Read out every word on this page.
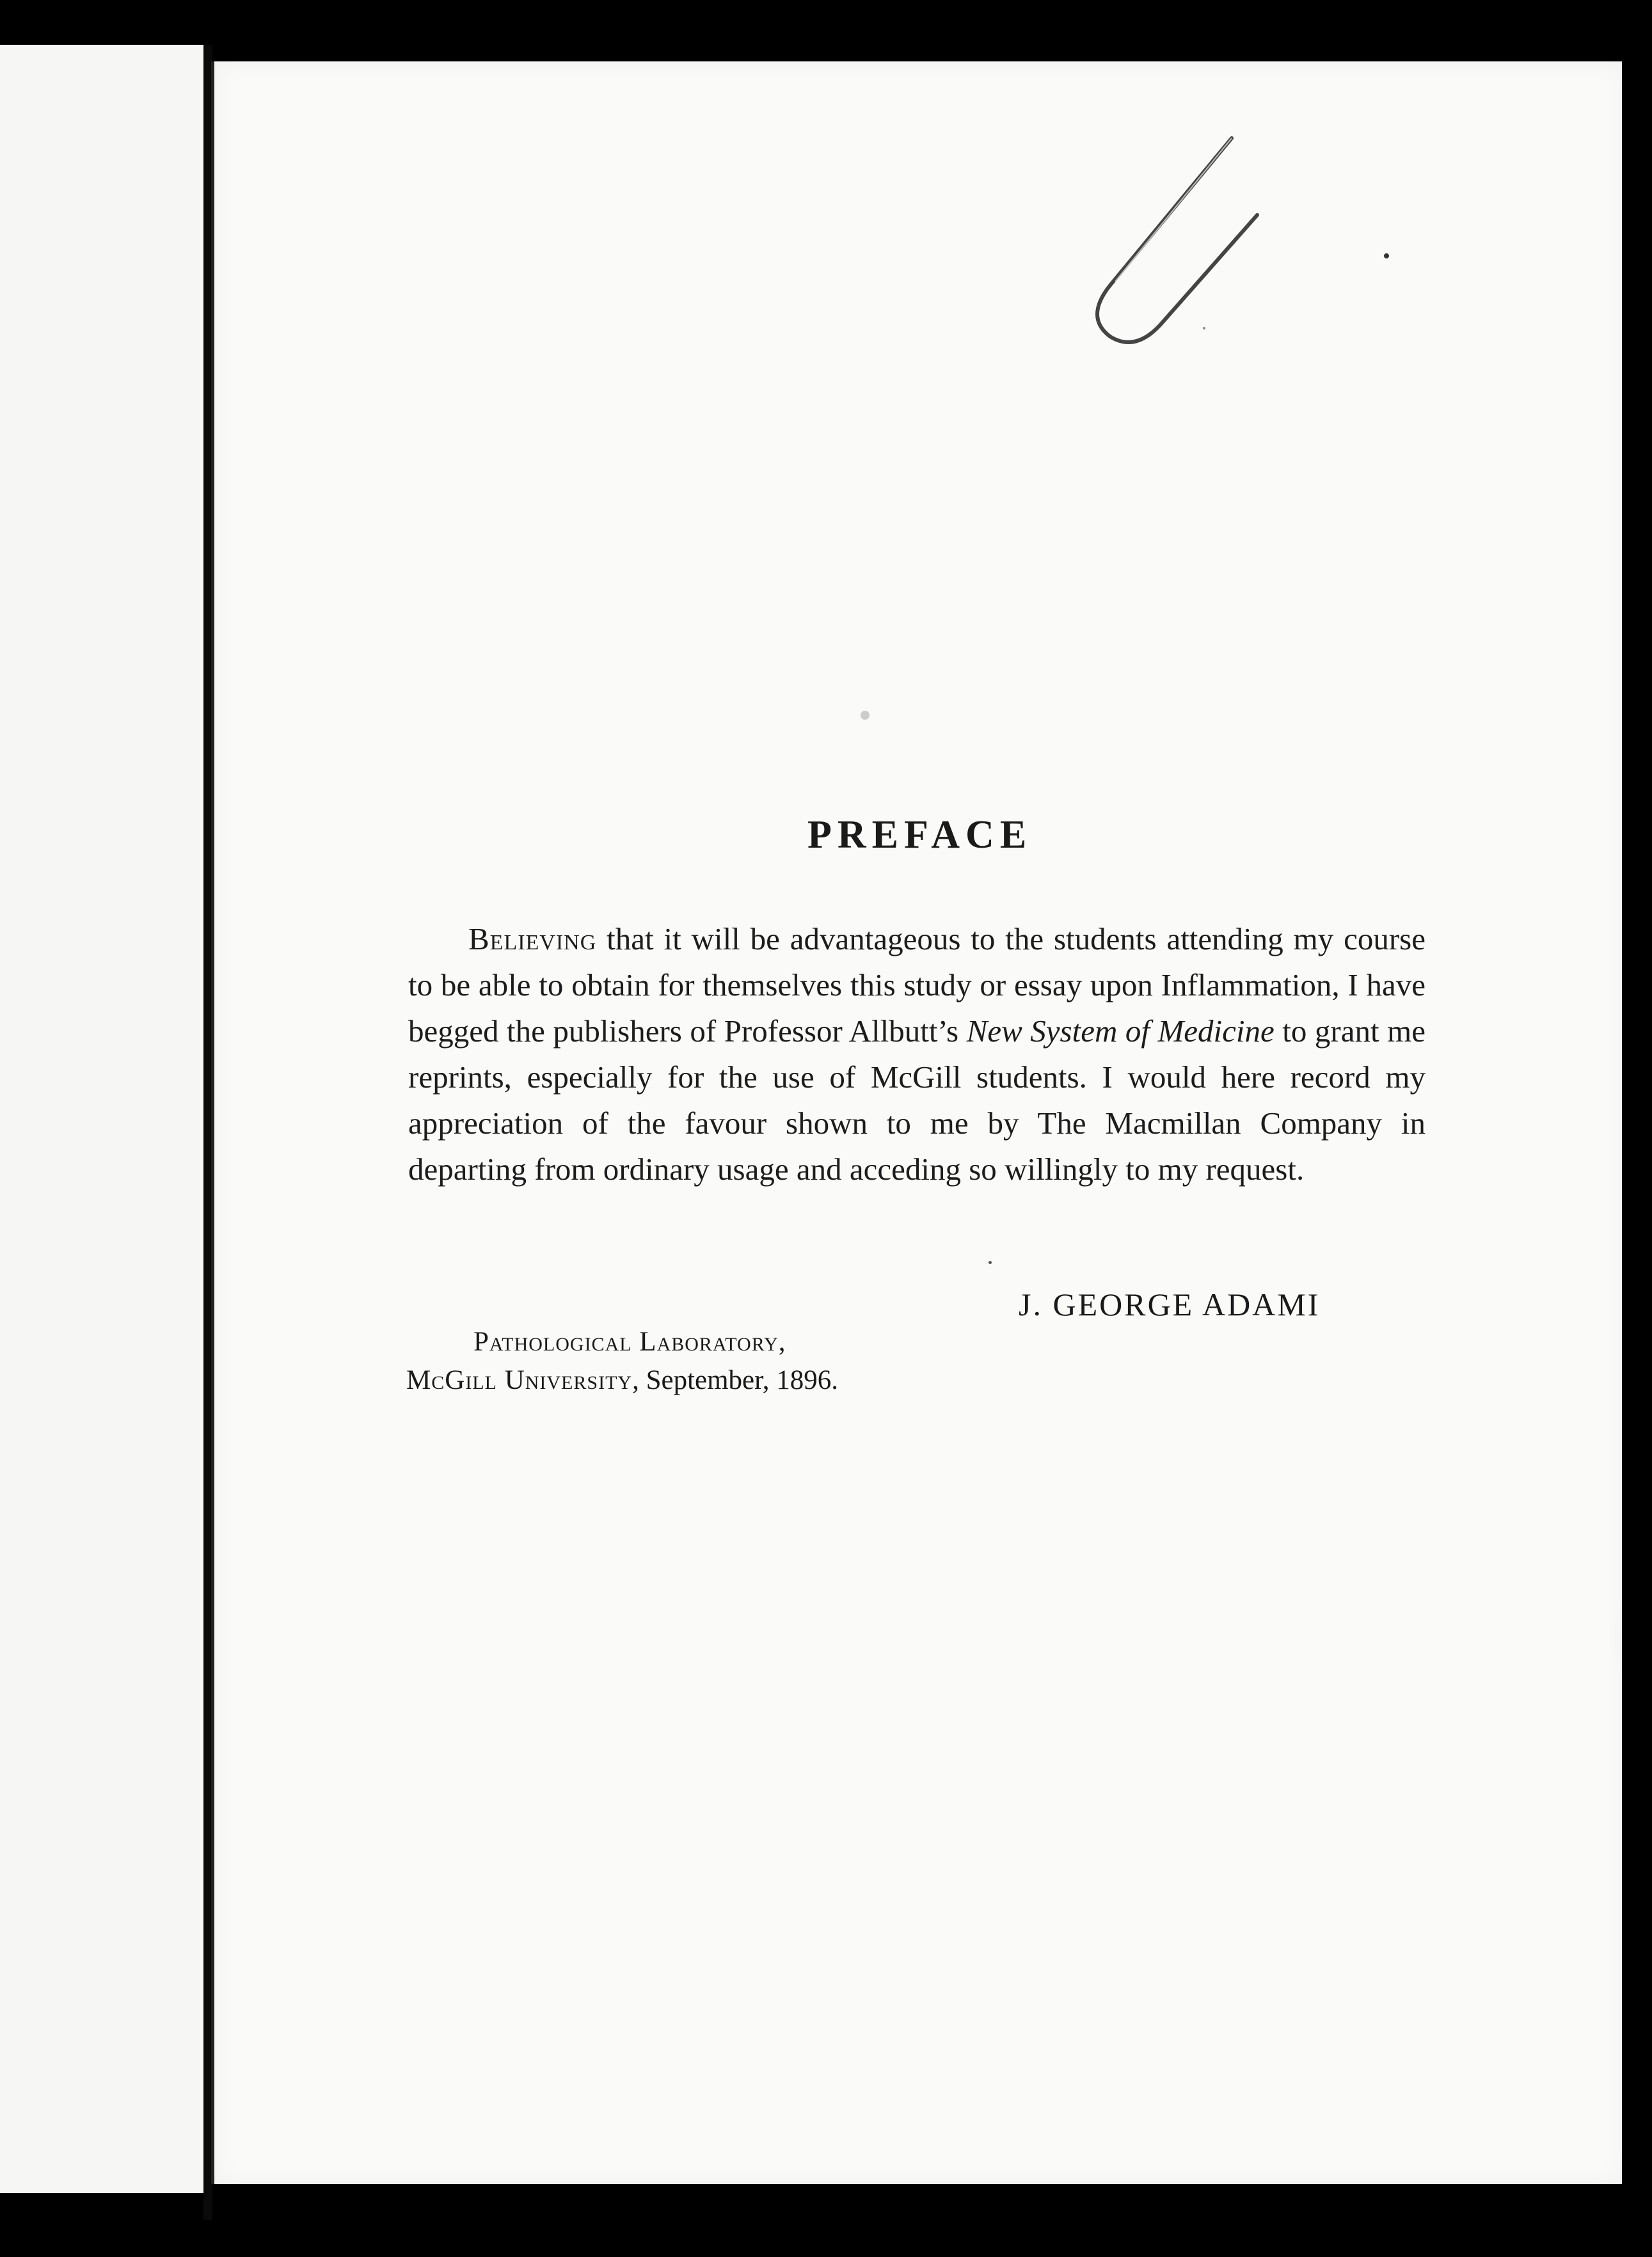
PREFACE

Believing that it will be advantageous to the students attending my course to be able to obtain for themselves this study or essay upon Inflammation, I have begged the publishers of Professor Allbutt’s New System of Medicine to grant me reprints, especially for the use of McGill students. I would here record my appreciation of the favour shown to me by The Macmillan Company in departing from ordinary usage and acceding so willingly to my request.

J. GEORGE ADAMI
Pathological Laboratory,
McGill University, September, 1896.
